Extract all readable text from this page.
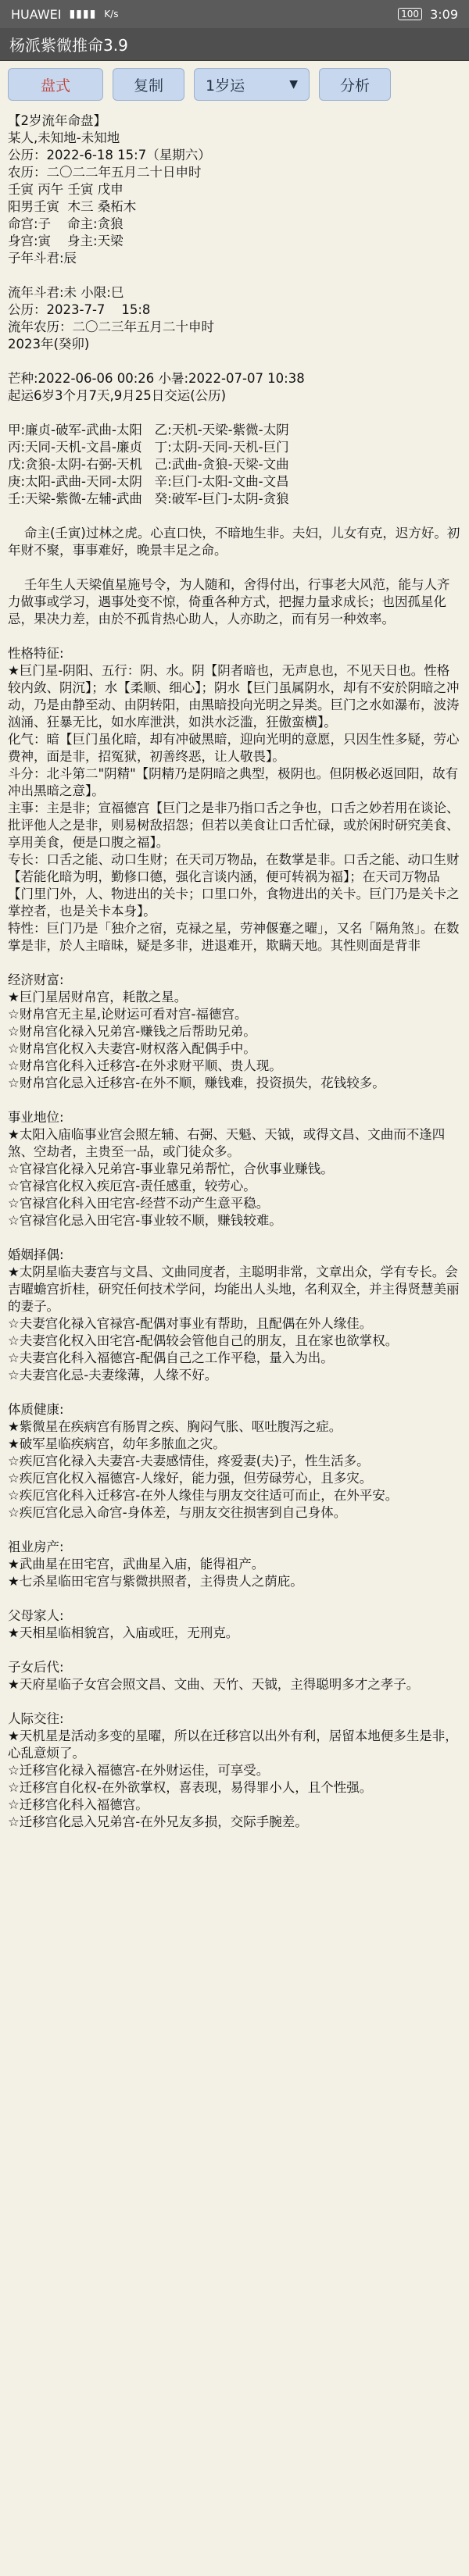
HUAWEI ▮▮▮▮ K/s	100 3:09
杨派紫微推命3.9
盘式	复制	1岁运	▼	分析
【2岁流年命盘】
某人,未知地-未知地
公历：2022-6-18 15:7（星期六）
农历：二〇二二年五月二十日申时
壬寅 丙午 壬寅 戊申
阳男壬寅  木三 桑柘木
命宫:子    命主:贪狼
身宫:寅    身主:天梁
子年斗君:辰
流年斗君:未 小限:巳
公历：2023-7-7    15:8
流年农历：二〇二三年五月二十申时
2023年(癸卯)
芒种:2022-06-06 00:26 小暑:2022-07-07 10:38
起运6岁3个月7天,9月25日交运(公历)
甲:廉贞-破军-武曲-太阳   乙:天机-天梁-紫微-太阴
丙:天同-天机-文昌-廉贞   丁:太阴-天同-天机-巨门
戊:贪狼-太阴-右弼-天机   己:武曲-贪狼-天梁-文曲
庚:太阳-武曲-天同-太阴   辛:巨门-太阳-文曲-文昌
壬:天梁-紫微-左辅-武曲   癸:破军-巨门-太阴-贪狼
命主(壬寅)过林之虎。心直口快，不暗地生非。夫妇，儿女有克，迟方好。初年财不聚，事事难好，晚景丰足之命。
壬年生人天梁值星施号令，为人随和，舍得付出，行事老大风范，能与人齐力做事或学习，遇事处变不惊，倚重各种方式，把握力量求成长；也因孤星化忌，果决力差，由於不孤肯热心助人，人亦助之，而有另一种效率。
性格特征:
★巨门星-阴阳、五行：阴、水。阴【阴者暗也，无声息也，不见天日也。性格较内敛、阴沉】；水【柔顺、细心】；阴水【巨门虽属阴水，却有不安於阴暗之冲动，乃是由静至动、由阴转阳，由黑暗投向光明之异类。巨门之水如瀑布，波涛汹涌、狂暴无比，如水库泄洪，如洪水泛滥，狂傲蛮横】。
化气：暗【巨门虽化暗，却有冲破黑暗，迎向光明的意愿，只因生性多疑，劳心费神，面是非，招冤狱，初善终恶，让人敬畏】。
斗分：北斗第二"阴精"【阴精乃是阴暗之典型，极阴也。但阴极必返回阳，故有冲出黑暗之意】。
主事：主是非；宣福德宫【巨门之是非乃指口舌之争也，口舌之妙若用在谈论、批评他人之是非，则易树敌招怨；但若以美食让口舌忙碌，或於闲时研究美食、享用美食，便是口腹之福】。
专长：口舌之能、动口生财；在天司万物品，在数掌是非。口舌之能、动口生财【若能化暗为明，勤修口德，强化言谈内涵，便可转祸为福】；在天司万物品【门里门外，人、物进出的关卡；口里口外，食物进出的关卡。巨门乃是关卡之掌控者，也是关卡本身】。
特性：巨门乃是「独介之宿，克禄之星，劳神偃蹇之曜」，又名「隔角煞」。在数掌是非，於人主暗昧，疑是多非，进退难开，欺瞒天地。其性则面是背非
经济财富:
★巨门星居财帛宫，耗散之星。
☆财帛宫无主星,论财运可看对宫-福德宫。
☆财帛宫化禄入兄弟宫-赚钱之后帮助兄弟。
☆财帛宫化权入夫妻宫-财权落入配偶手中。
☆财帛宫化科入迁移宫-在外求财平顺、贵人现。
☆财帛宫化忌入迁移宫-在外不顺，赚钱难，投资损失，花钱较多。
事业地位:
★太阳入庙临事业宫会照左辅、右弼、天魁、天钺，或得文昌、文曲而不逢四煞、空劫者，主贵至一品，或门徒众多。
☆官禄宫化禄入兄弟宫-事业靠兄弟帮忙，合伙事业赚钱。
☆官禄宫化权入疾厄宫-责任感重，较劳心。
☆官禄宫化科入田宅宫-经营不动产生意平稳。
☆官禄宫化忌入田宅宫-事业较不顺，赚钱较难。
婚姻择偶:
★太阴星临夫妻宫与文昌、文曲同度者，主聪明非常，文章出众，学有专长。会吉曜蟾宫折桂，研究任何技术学问，均能出人头地，名利双全，并主得贤慧美丽的妻子。
☆夫妻宫化禄入官禄宫-配偶对事业有帮助，且配偶在外人缘佳。
☆夫妻宫化权入田宅宫-配偶较会管他自己的朋友，且在家也欲掌权。
☆夫妻宫化科入福德宫-配偶自己之工作平稳，量入为出。
☆夫妻宫化忌-夫妻缘薄，人缘不好。
体质健康:
★紫微星在疾病宫有肠胃之疾、胸闷气胀、呕吐腹泻之症。
★破军星临疾病宫，幼年多脓血之灾。
☆疾厄宫化禄入夫妻宫-夫妻感情佳，疼爱妻(夫)子，性生活多。
☆疾厄宫化权入福德宫-人缘好，能力强，但劳碌劳心，且多灾。
☆疾厄宫化科入迁移宫-在外人缘佳与朋友交往适可而止，在外平安。
☆疾厄宫化忌入命宫-身体差，与朋友交往损害到自己身体。
祖业房产:
★武曲星在田宅宫，武曲星入庙，能得祖产。
★七杀星临田宅宫与紫微拱照者，主得贵人之荫庇。
父母家人:
★天相星临相貌宫，入庙或旺，无刑克。
子女后代:
★天府星临子女宫会照文昌、文曲、天竹、天钺，主得聪明多才之孝子。
人际交往:
★天机星是活动多变的星曜，所以在迁移宫以出外有利，居留本地便多生是非，心乱意烦了。
☆迁移宫化禄入福德宫-在外财运佳，可享受。
☆迁移宫自化权-在外欲掌权，喜表现，易得罪小人，且个性强。
☆迁移宫化科入福德宫。
☆迁移宫化忌入兄弟宫-在外兄友多损，交际手腕差。
